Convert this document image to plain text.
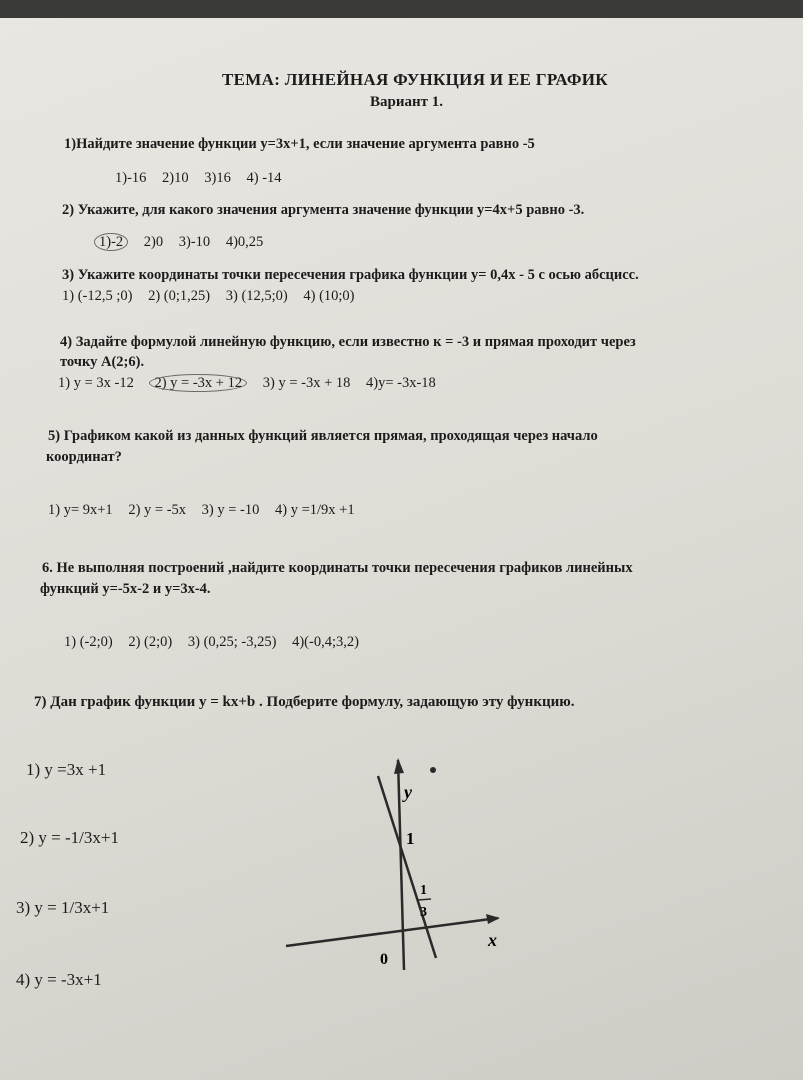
ТЕМА: ЛИНЕЙНАЯ ФУНКЦИЯ И ЕЕ ГРАФИК
Вариант 1.
1)Найдите значение функции у=3х+1, если значение аргумента равно -5
1)-16 2)10 3)16 4) -14
2) Укажите, для какого значения аргумента значение функции у=4х+5 равно -3.
1)-2 2)0 3)-10 4)0,25
3) Укажите координаты точки пересечения графика функции у= 0,4х - 5 с осью абсцисс.
1) (-12,5 ;0) 2) (0;1,25) 3) (12,5;0) 4) (10;0)
4) Задайте формулой линейную функцию, если известно к = -3 и прямая проходит через
точку А(2;6).
1) у = 3х -12 2) у = -3х + 12 3) у = -3х + 18 4)у= -3х-18
5) Графиком какой из данных функций является прямая, проходящая через начало
координат?
1) у= 9х+1 2) у = -5х 3) у = -10 4) у =1/9х +1
6. Не выполняя построений ,найдите координаты точки пересечения графиков линейных
функций у=-5х-2 и у=3х-4.
1) (-2;0) 2) (2;0) 3) (0,25; -3,25) 4)(-0,4;3,2)
7) Дан график функции у = kx+b . Подберите формулу, задающую эту функцию.
1) у =3х +1
2) у = -1/3х+1
3) у = 1/3х+1
4) у = -3х+1
y
x
0
1
1
3
